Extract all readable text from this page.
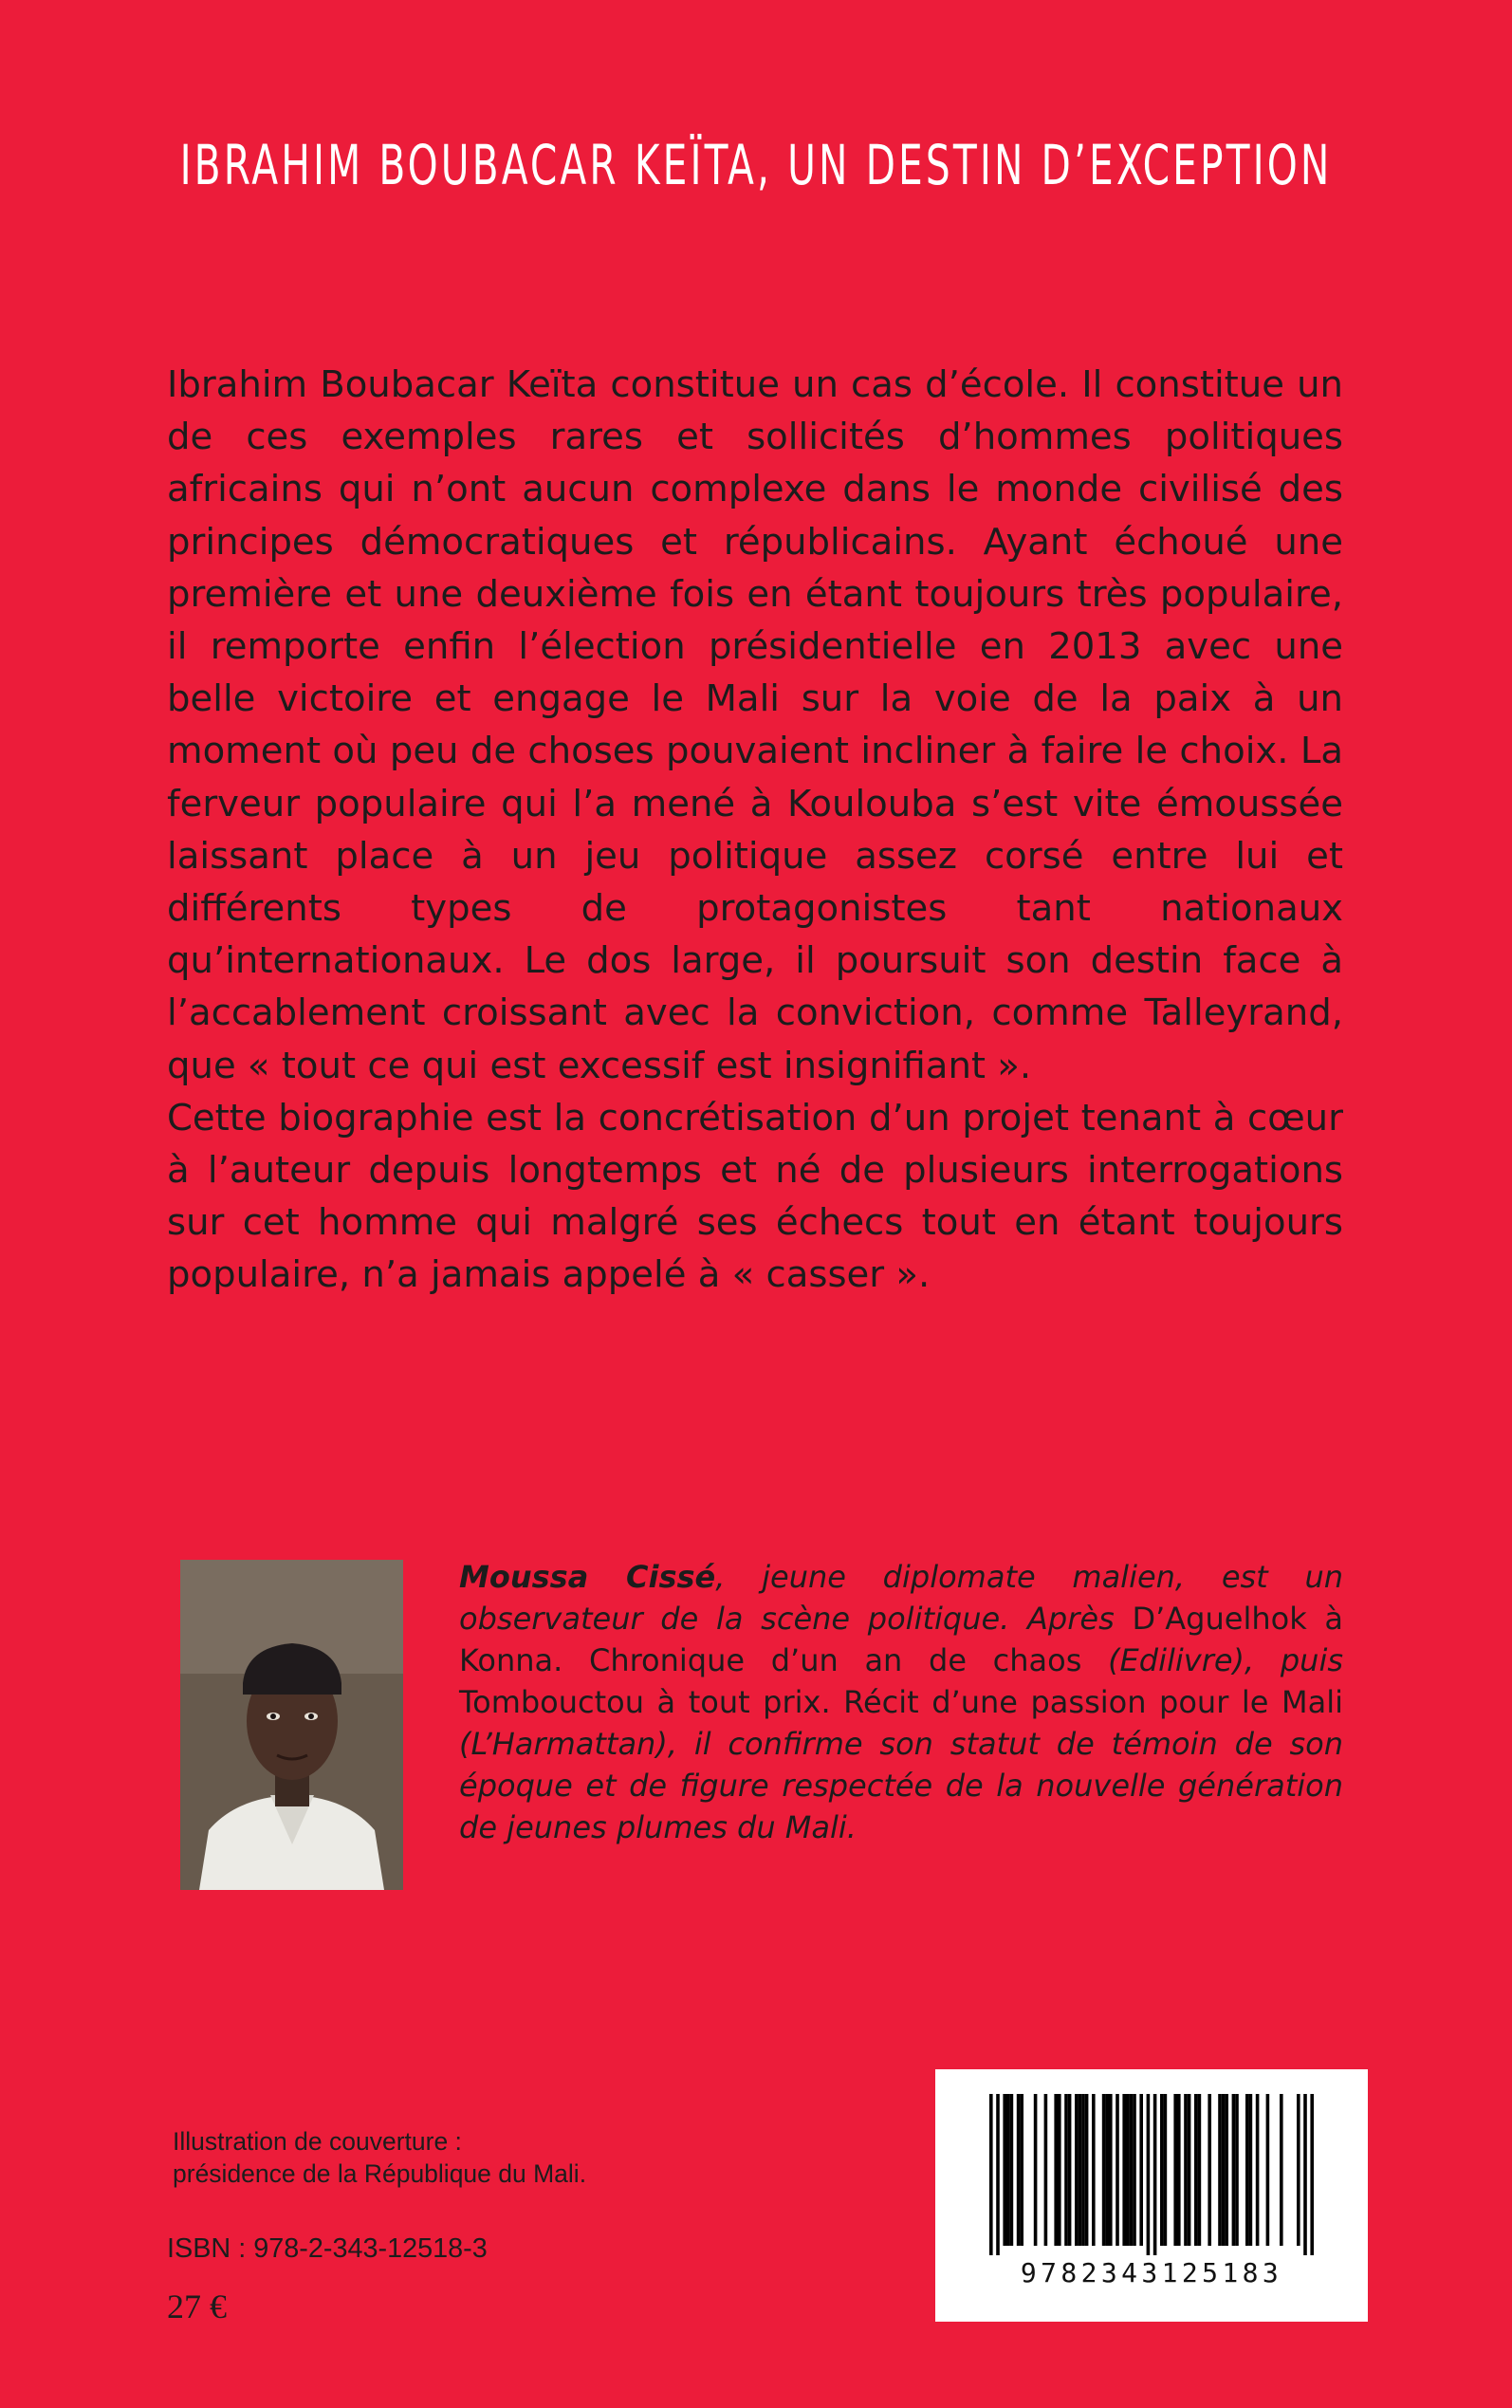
IBRAHIM BOUBACAR KEÏTA, UN DESTIN D’EXCEPTION

Ibrahim Boubacar Keïta constitue un cas d’école. Il constitue un de ces exemples rares et sollicités d’hommes politiques africains qui n’ont aucun complexe dans le monde civilisé des principes démocratiques et républicains. Ayant échoué une première et une deuxième fois en étant toujours très populaire, il remporte enfin l’élection présidentielle en 2013 avec une belle victoire et engage le Mali sur la voie de la paix à un moment où peu de choses pouvaient incliner à faire le choix. La ferveur populaire qui l’a mené à Koulouba s’est vite émoussée laissant place à un jeu politique assez corsé entre lui et différents types de protagonistes tant nationaux qu’internationaux. Le dos large, il poursuit son destin face à l’accablement croissant avec la conviction, comme Talleyrand, que « tout ce qui est excessif est insignifiant ».

Cette biographie est la concrétisation d’un projet tenant à cœur à l’auteur depuis longtemps et né de plusieurs interrogations sur cet homme qui malgré ses échecs tout en étant toujours populaire, n’a jamais appelé à « casser ».

Moussa Cissé, jeune diplomate malien, est un observateur de la scène politique. Après D’Aguelhok à Konna. Chronique d’un an de chaos (Edilivre), puis Tombouctou à tout prix. Récit d’une passion pour le Mali (L’Harmattan), il confirme son statut de témoin de son époque et de figure respectée de la nouvelle génération de jeunes plumes du Mali.
Illustration de couverture :
présidence de la République du Mali.
ISBN : 978-2-343-12518-3
27 €
9782343125183
